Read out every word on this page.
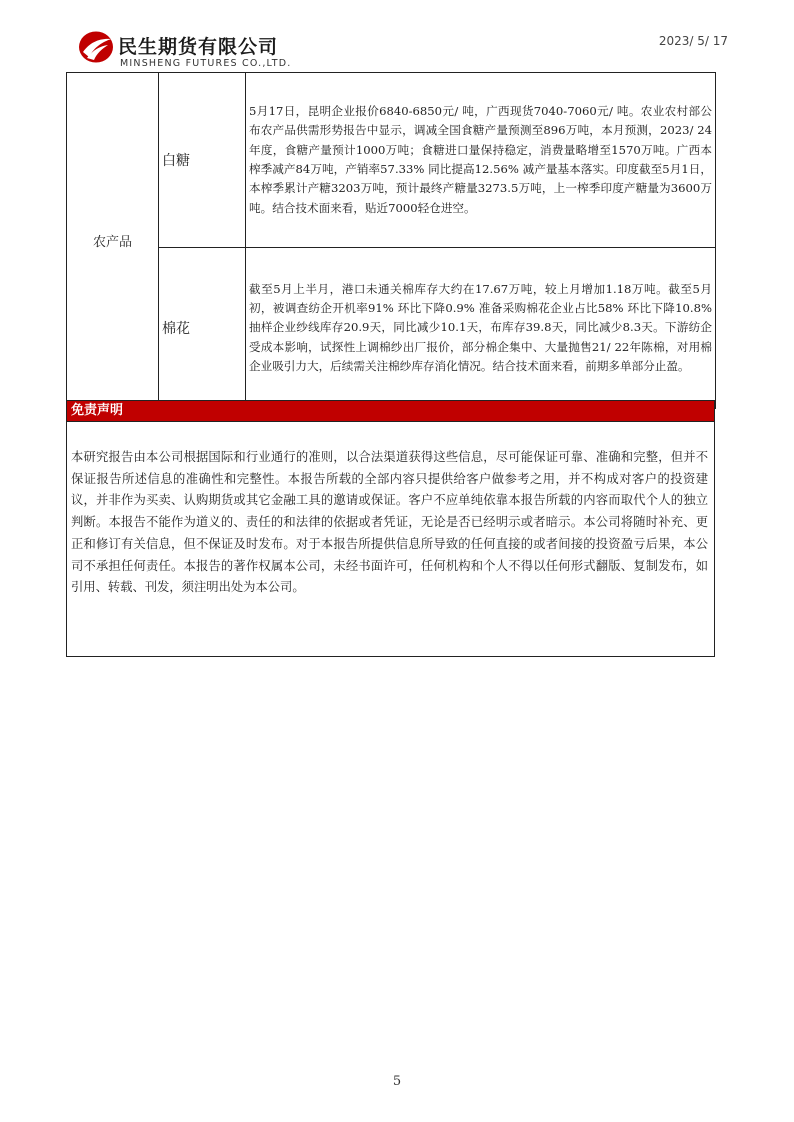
民生期货有限公司
MINSHENG FUTURES CO.,LTD.
2023/ 5/ 17
农产品	白糖	5月17日，昆明企业报价6840-6850元/ 吨，广西现货7040-7060元/ 吨。农业农村部公布农产品供需形势报告中显示，调减全国食糖产量预测至896万吨，本月预测，2023/ 24年度，食糖产量预计1000万吨；食糖进口量保持稳定，消费量略增至1570万吨。广西本榨季减产84万吨，产销率57.33% 同比提高12.56% 减产量基本落实。印度截至5月1日，本榨季累计产糖3203万吨，预计最终产糖量3273.5万吨，上一榨季印度产糖量为3600万吨。结合技术面来看，贴近7000轻仓进空。
	棉花	截至5月上半月，港口未通关棉库存大约在17.67万吨，较上月增加1.18万吨。截至5月初，被调查纺企开机率91% 环比下降0.9% 准备采购棉花企业占比58% 环比下降10.8% 抽样企业纱线库存20.9天，同比减少10.1天，布库存39.8天，同比减少8.3天。下游纺企受成本影响，试探性上调棉纱出厂报价，部分棉企集中、大量抛售21/ 22年陈棉，对用棉企业吸引力大，后续需关注棉纱库存消化情况。结合技术面来看，前期多单部分止盈。
免责声明
本研究报告由本公司根据国际和行业通行的准则，以合法渠道获得这些信息，尽可能保证可靠、准确和完整，但并不保证报告所述信息的准确性和完整性。本报告所载的全部内容只提供给客户做参考之用，并不构成对客户的投资建议，并非作为买卖、认购期货或其它金融工具的邀请或保证。客户不应单纯依靠本报告所载的内容而取代个人的独立判断。本报告不能作为道义的、责任的和法律的依据或者凭证，无论是否已经明示或者暗示。本公司将随时补充、更正和修订有关信息，但不保证及时发布。对于本报告所提供信息所导致的任何直接的或者间接的投资盈亏后果，本公司不承担任何责任。本报告的著作权属本公司，未经书面许可，任何机构和个人不得以任何形式翻版、复制发布，如引用、转载、刊发，须注明出处为本公司。
5
